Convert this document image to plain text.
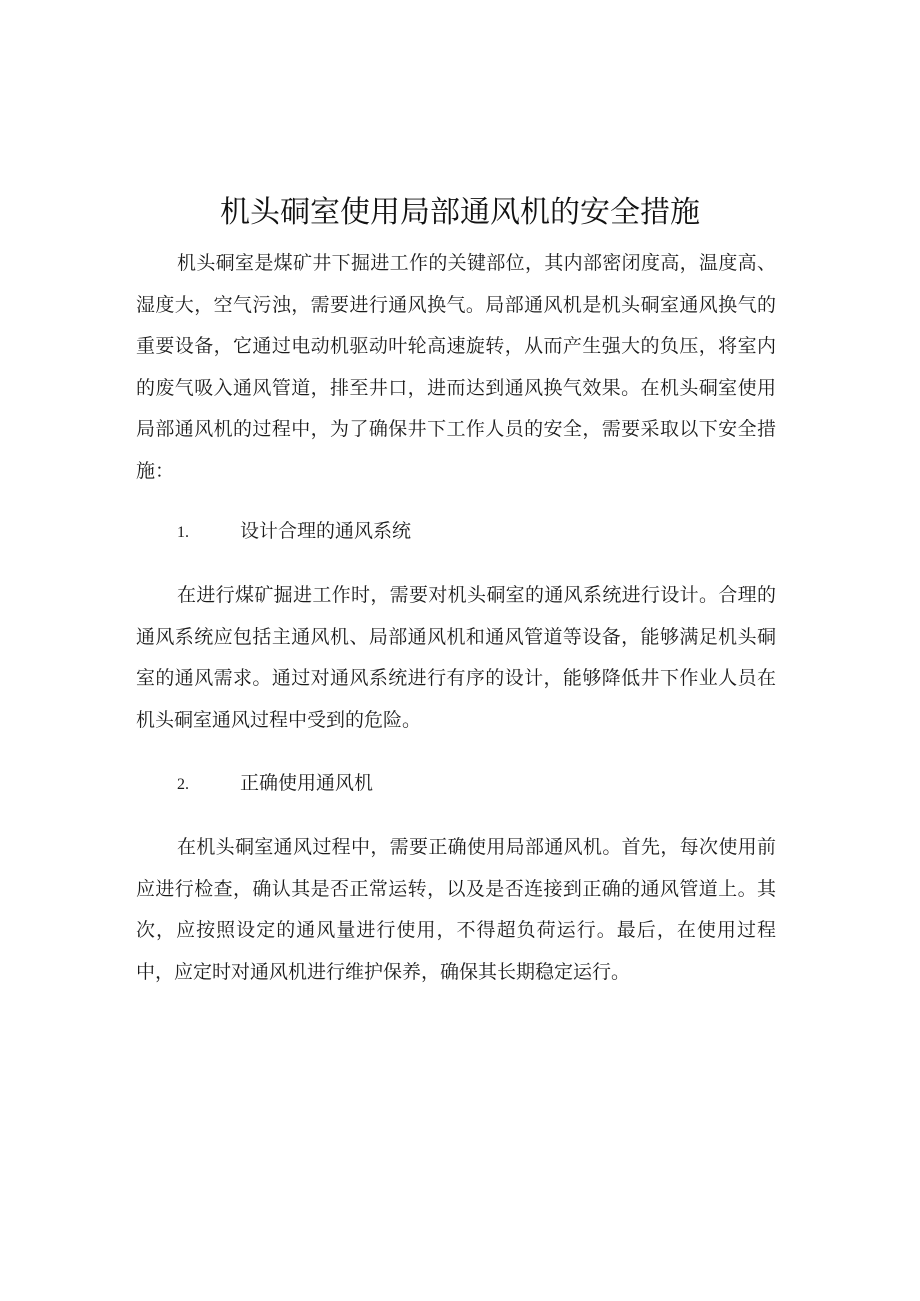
机头硐室使用局部通风机的安全措施

机头硐室是煤矿井下掘进工作的关键部位，其内部密闭度高，温度高、湿度大，空气污浊，需要进行通风换气。局部通风机是机头硐室通风换气的重要设备，它通过电动机驱动叶轮高速旋转，从而产生强大的负压，将室内的废气吸入通风管道，排至井口，进而达到通风换气效果。在机头硐室使用局部通风机的过程中，为了确保井下工作人员的安全，需要采取以下安全措施：

1.	设计合理的通风系统

在进行煤矿掘进工作时，需要对机头硐室的通风系统进行设计。合理的通风系统应包括主通风机、局部通风机和通风管道等设备，能够满足机头硐室的通风需求。通过对通风系统进行有序的设计，能够降低井下作业人员在机头硐室通风过程中受到的危险。

2.	正确使用通风机

在机头硐室通风过程中，需要正确使用局部通风机。首先，每次使用前应进行检查，确认其是否正常运转，以及是否连接到正确的通风管道上。其次，应按照设定的通风量进行使用，不得超负荷运行。最后，在使用过程中，应定时对通风机进行维护保养，确保其长期稳定运行。
